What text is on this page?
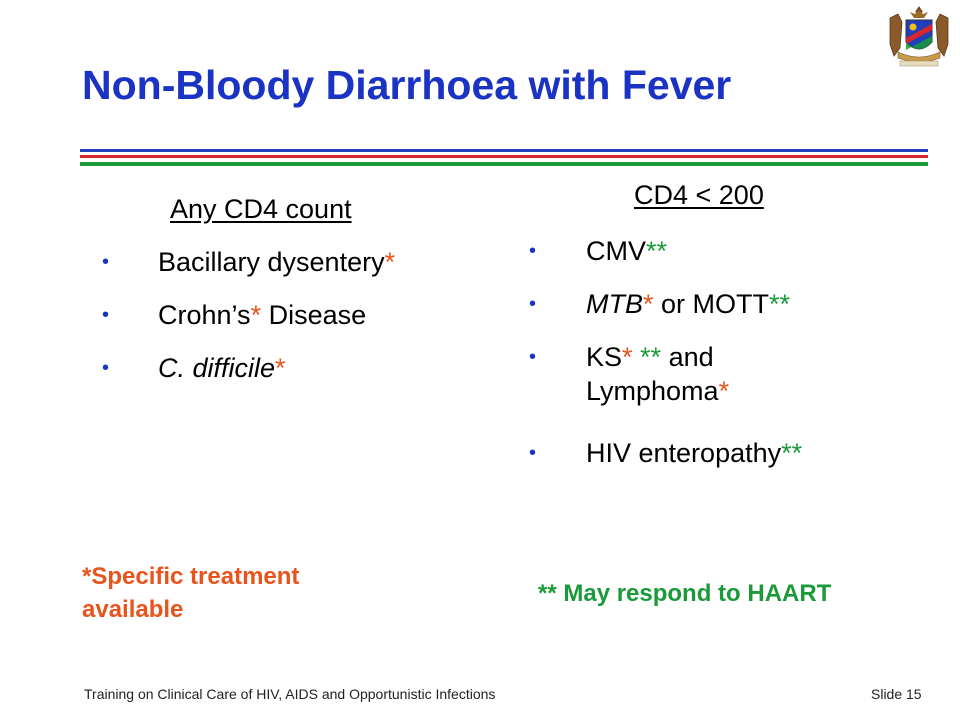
Non-Bloody Diarrhoea with Fever
Any CD4 count
• Bacillary dysentery*
• Crohn’s* Disease
• C. difficile*
CD4 < 200
• CMV**
• MTB* or MOTT**
• KS* ** and
Lymphoma*
• HIV enteropathy**
*Specific treatment available
** May respond to HAART
Training on Clinical Care of HIV, AIDS and Opportunistic Infections	Slide 15
